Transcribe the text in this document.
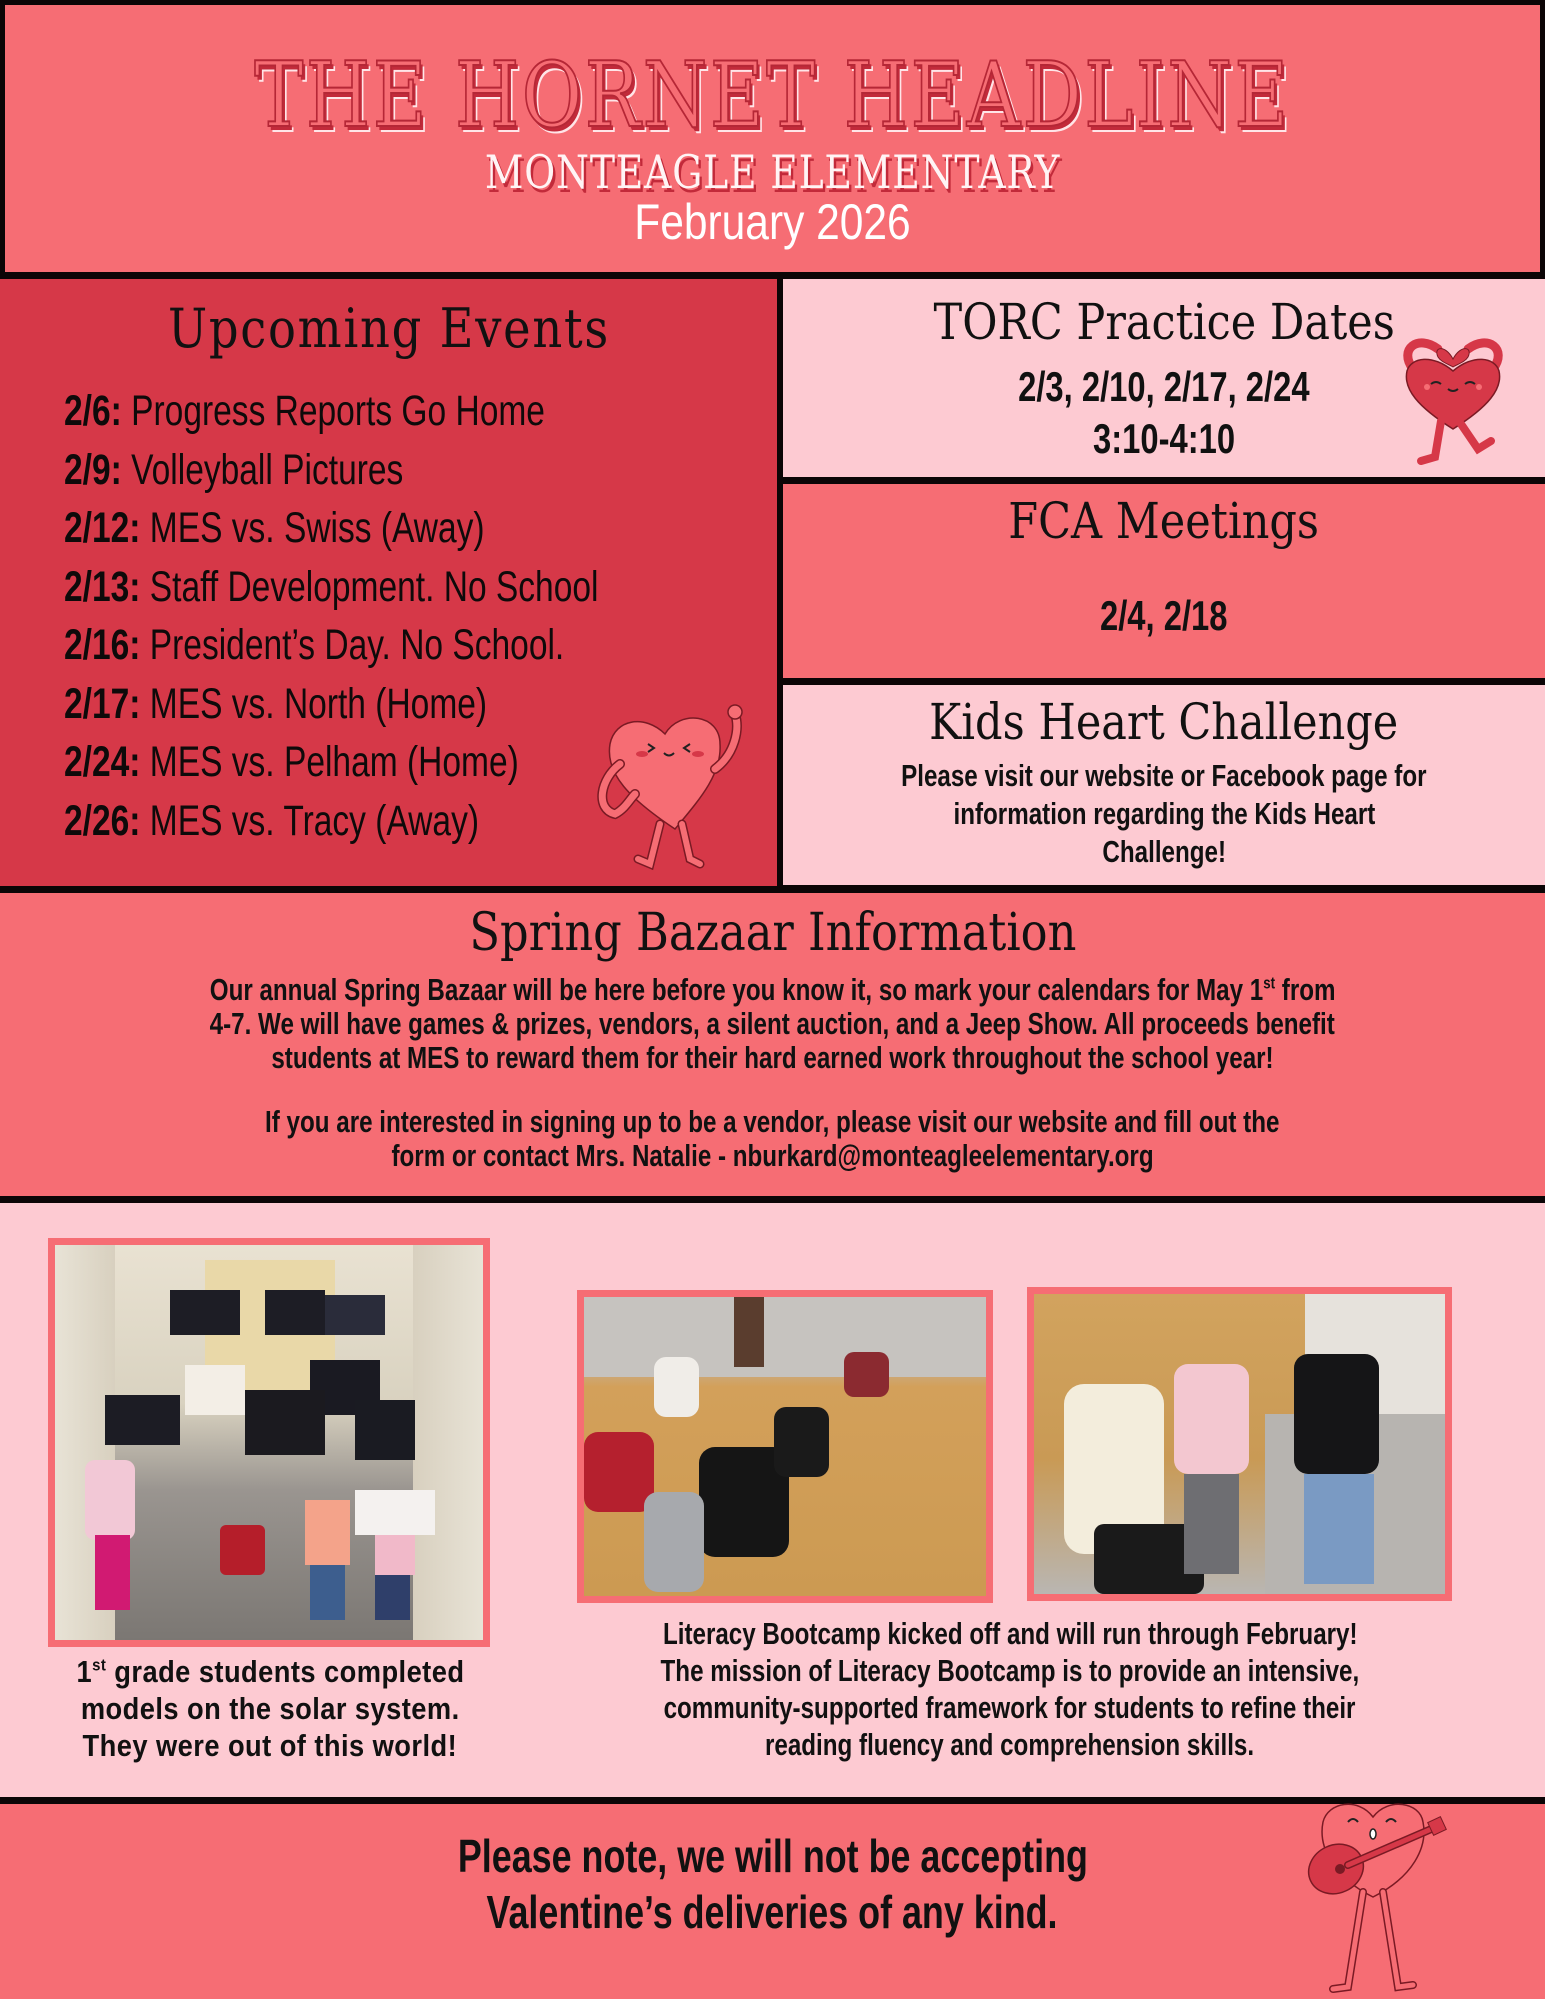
THE HORNET HEADLINE
MONTEAGLE ELEMENTARY
February 2026
Upcoming Events
2/6: Progress Reports Go Home
2/9: Volleyball Pictures
2/12: MES vs. Swiss (Away)
2/13: Staff Development. No School
2/16: President’s Day. No School.
2/17: MES vs. North (Home)
2/24: MES vs. Pelham (Home)
2/26: MES vs. Tracy (Away)
TORC Practice Dates
2/3, 2/10, 2/17, 2/24
3:10-4:10
FCA Meetings
2/4, 2/18
Kids Heart Challenge
Please visit our website or Facebook page for
information regarding the Kids Heart
Challenge!
Spring Bazaar Information
Our annual Spring Bazaar will be here before you know it, so mark your calendars for May 1st from
4-7. We will have games & prizes, vendors, a silent auction, and a Jeep Show. All proceeds benefit
students at MES to reward them for their hard earned work throughout the school year!
If you are interested in signing up to be a vendor, please visit our website and fill out the
form or contact Mrs. Natalie - nburkard@monteagleelementary.org
1st grade students completed
models on the solar system.
They were out of this world!
Literacy Bootcamp kicked off and will run through February!
The mission of Literacy Bootcamp is to provide an intensive,
community-supported framework for students to refine their
reading fluency and comprehension skills.
Please note, we will not be accepting
Valentine’s deliveries of any kind.
